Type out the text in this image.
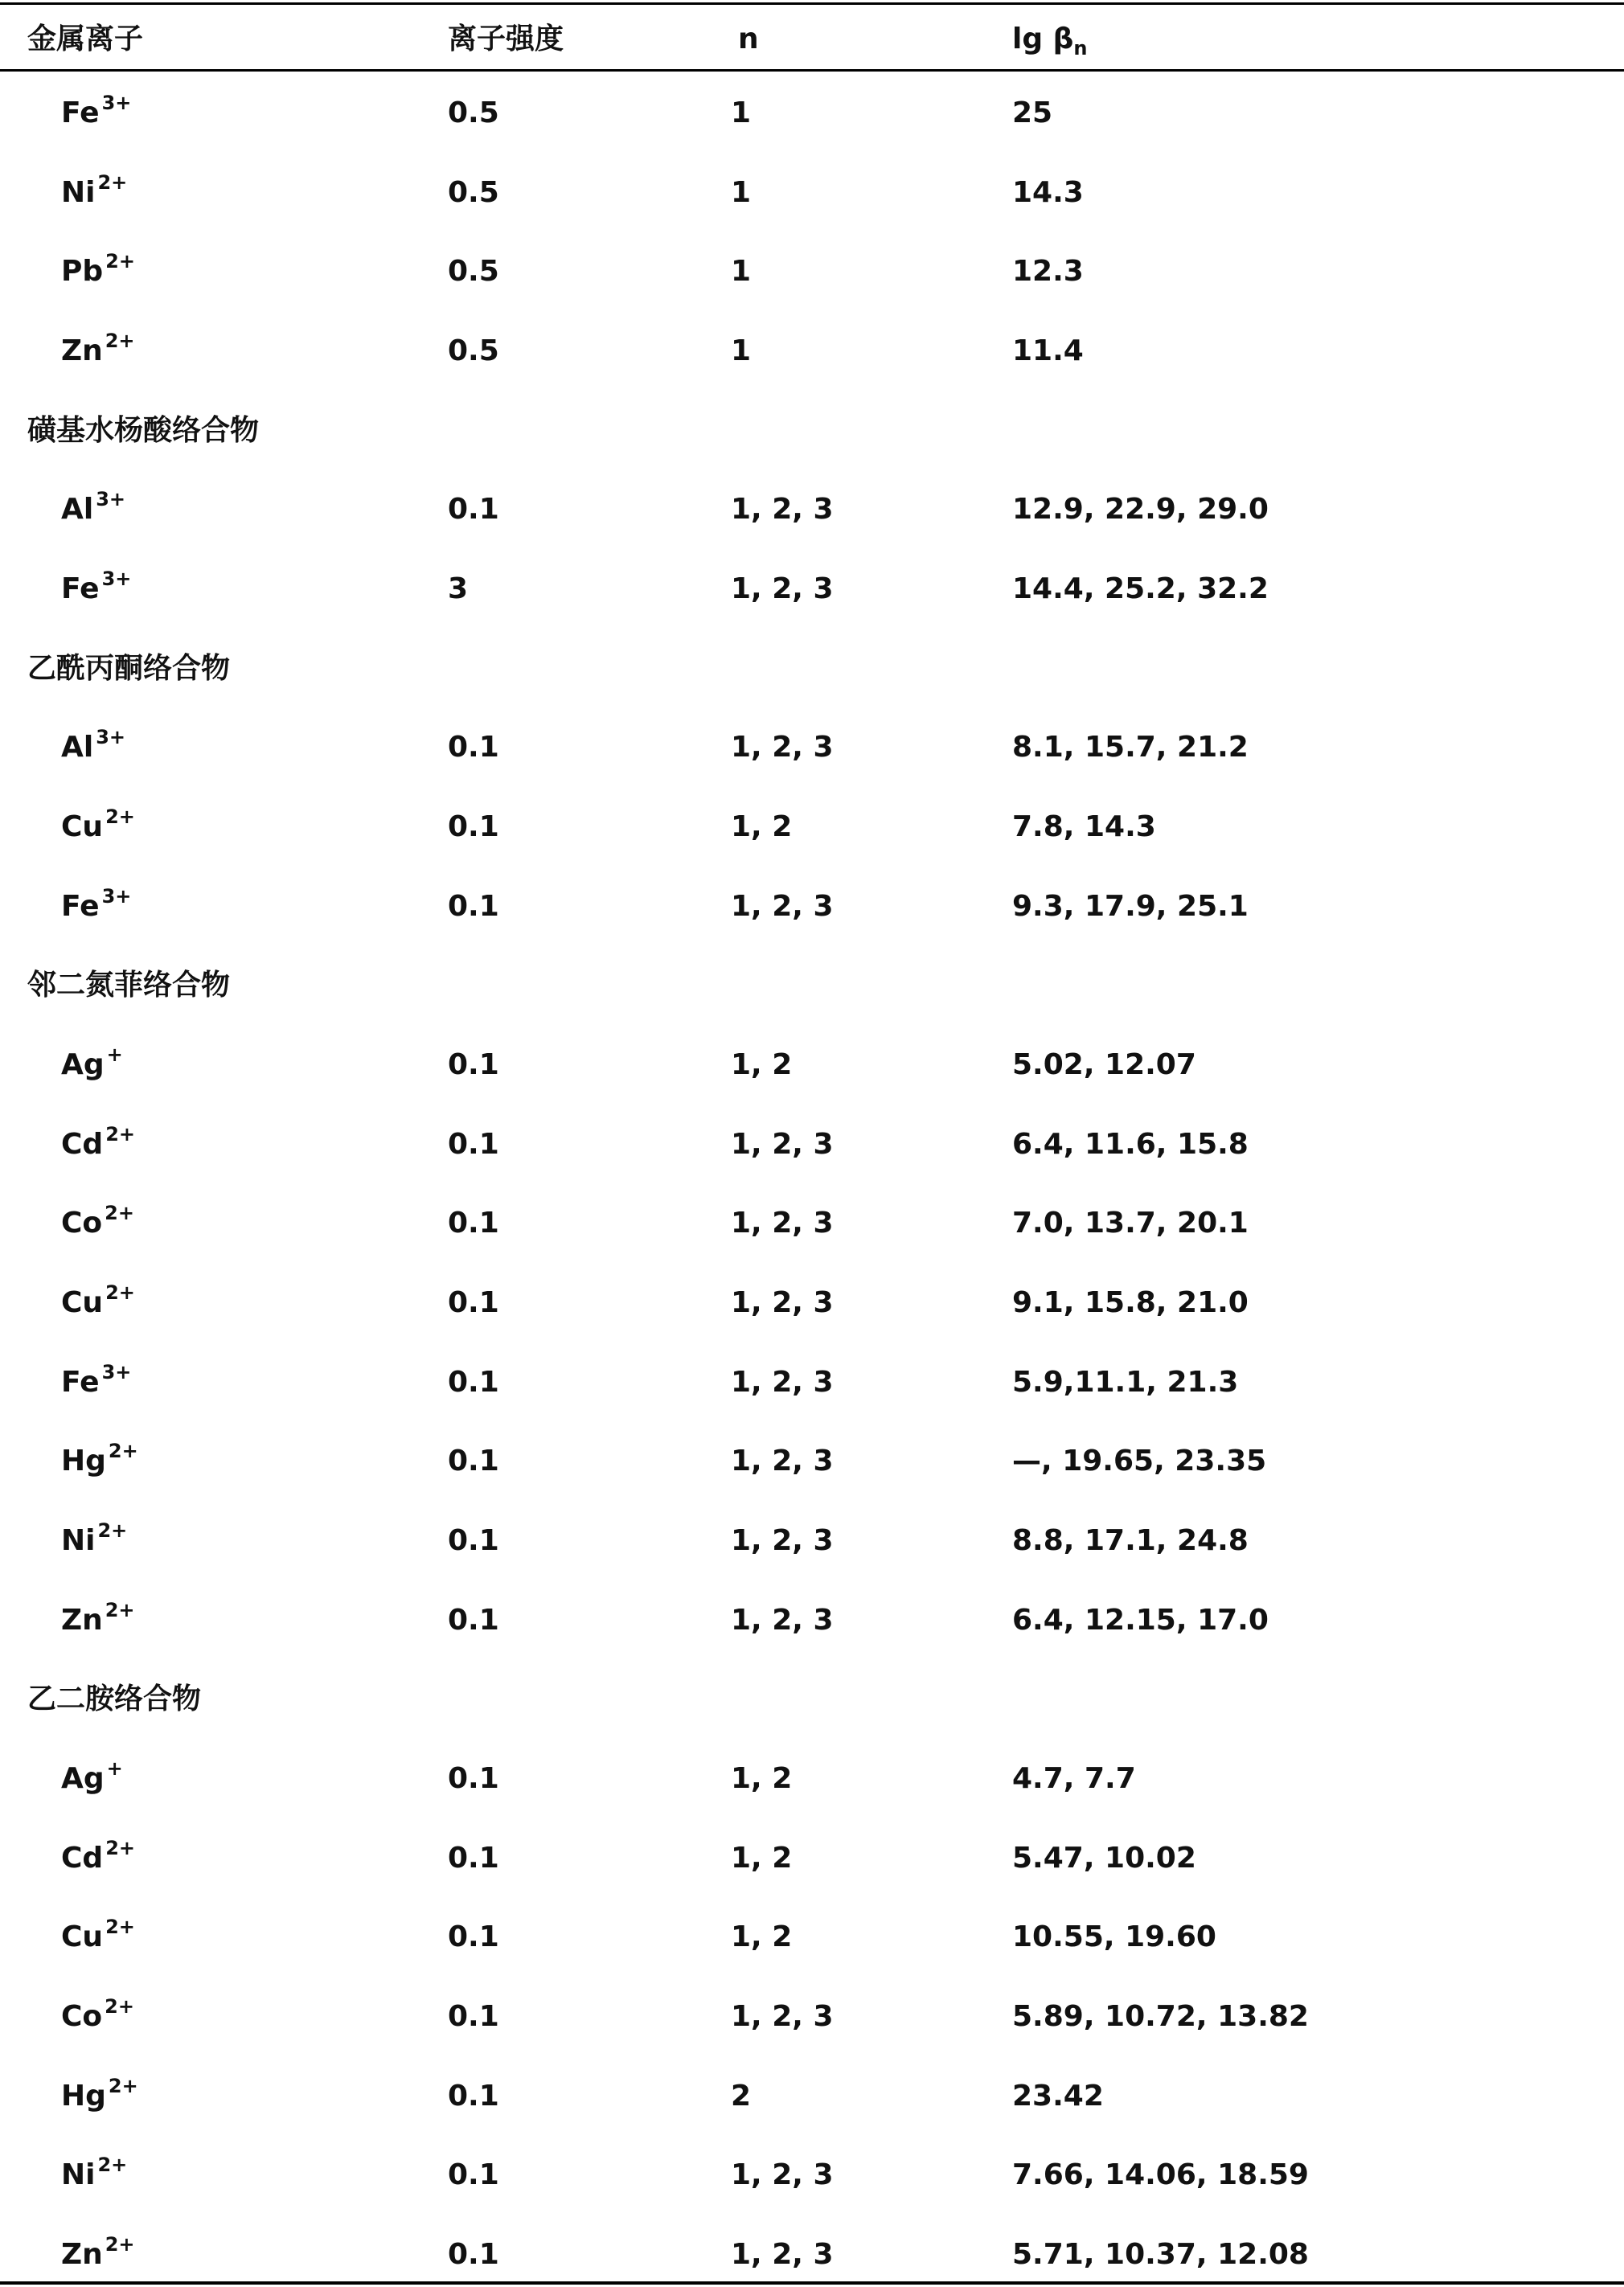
金属离子	离子强度	n	$\lg \beta_n$
Fe $^{3+}$	0.5	1	25
Ni $^{2+}$	0.5	1	14.3
Pb $^{2+}$	0.5	1	12.3
Zn $^{2+}$	0.5	1	11.4
磺基水杨酸络合物
Al $^{3+}$	0.1	1, 2, 3	12.9, 22.9, 29.0
Fe $^{3+}$	3	1, 2, 3	14.4, 25.2, 32.2
乙酰丙酮络合物
Al $^{3+}$	0.1	1, 2, 3	8.1, 15.7, 21.2
Cu $^{2+}$	0.1	1, 2	7.8, 14.3
Fe $^{3+}$	0.1	1, 2, 3	9.3, 17.9, 25.1
邻二氮菲络合物
Ag +	0.1	1, 2	5.02, 12.07
Cd $^{2+}$	0.1	1, 2, 3	6.4, 11.6, 15.8
Co $^{2+}$	0.1	1, 2, 3	7.0, 13.7, 20.1
Cu $^{2+}$	0.1	1, 2, 3	9.1, 15.8, 21.0
Fe $^{3+}$	0.1	1, 2, 3	5.9,11.1, 21.3
Hg $^{2+}$	0.1	1, 2, 3	—, 19.65, 23.35
Ni $^{2+}$	0.1	1, 2, 3	8.8, 17.1, 24.8
Zn $^{2+}$	0.1	1, 2, 3	6.4, 12.15, 17.0
乙二胺络合物
Ag +	0.1	1, 2	4.7, 7.7
Cd $^{2+}$	0.1	1, 2	5.47, 10.02
Cu $^{2+}$	0.1	1, 2	10.55, 19.60
Co $^{2+}$	0.1	1, 2, 3	5.89, 10.72, 13.82
Hg $^{2+}$	0.1	2	23.42
Ni $^{2+}$	0.1	1, 2, 3	7.66, 14.06, 18.59
Zn $^{2+}$	0.1	1, 2, 3	5.71, 10.37, 12.08
